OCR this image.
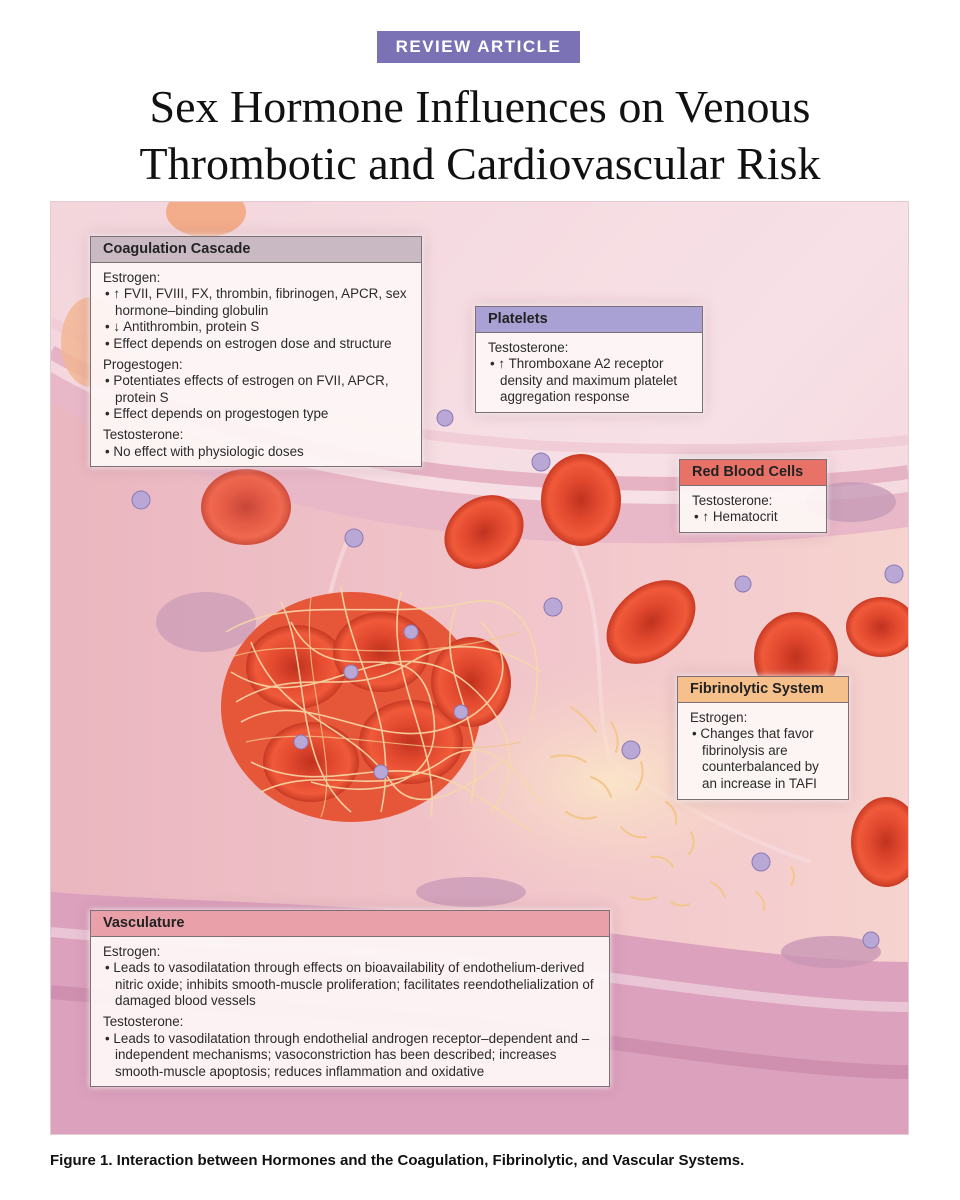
REVIEW ARTICLE
Sex Hormone Influences on Venous
Thrombotic and Cardiovascular Risk
Coagulation Cascade
Estrogen:
• ↑ FVII, FVIII, FX, thrombin, fibrinogen, APCR, sex hormone–binding globulin
• ↓ Antithrombin, protein S
• Effect depends on estrogen dose and structure
Progestogen:
• Potentiates effects of estrogen on FVII, APCR, protein S
• Effect depends on progestogen type
Testosterone:
• No effect with physiologic doses
Platelets
Testosterone:
• ↑ Thromboxane A2 receptor density and maximum platelet aggregation response
Red Blood Cells
Testosterone:
• ↑ Hematocrit
Fibrinolytic System
Estrogen:
• Changes that favor fibrinolysis are counterbalanced by an increase in TAFI
Vasculature
Estrogen:
• Leads to vasodilatation through effects on bioavailability of endothelium-derived nitric oxide; inhibits smooth-muscle proliferation; facilitates reendothelialization of damaged blood vessels
Testosterone:
• Leads to vasodilatation through endothelial androgen receptor–dependent and –independent mechanisms; vasoconstriction has been described; increases smooth-muscle apoptosis; reduces inflammation and oxidative
Figure 1. Interaction between Hormones and the Coagulation, Fibrinolytic, and Vascular Systems.
